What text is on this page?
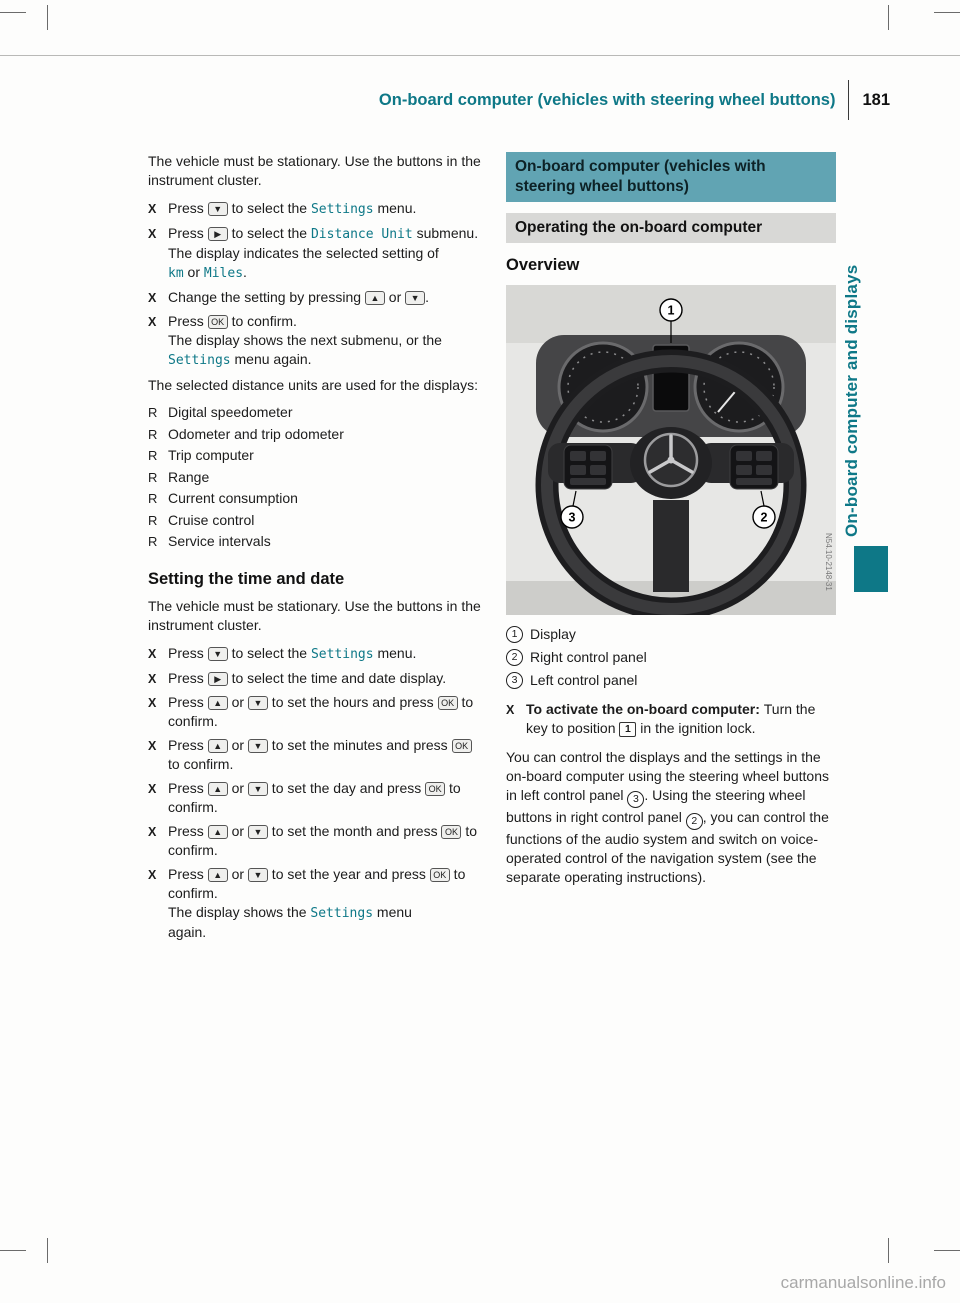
On-board computer (vehicles with steering wheel buttons) 181

The vehicle must be stationary. Use the buttons in the instrument cluster.

X Press ▼ to select the Settings menu.
X Press ▶ to select the Distance Unit submenu.
The display indicates the selected setting of
km or Miles.
X Change the setting by pressing ▲ or ▼ .
X Press OK to confirm.
The display shows the next submenu, or the
Settings menu again.

The selected distance units are used for the displays:

R Digital speedometer
R Odometer and trip odometer
R Trip computer
R Range
R Current consumption
R Cruise control
R Service intervals
Setting the time and date

The vehicle must be stationary. Use the buttons in the instrument cluster.

X Press ▼ to select the Settings menu.
X Press ▶ to select the time and date display.
X Press ▲ or ▼ to set the hours and press OK to confirm.
X Press ▲ or ▼ to set the minutes and press OK to confirm.
X Press ▲ or ▼ to set the day and press OK to confirm.
X Press ▲ or ▼ to set the month and press OK to confirm.
X Press ▲ or ▼ to set the year and press OK to confirm.
The display shows the Settings menu
again.
On-board computer (vehicles with steering wheel buttons)
Operating the on-board computer
Overview
1
2
3
N54.10-2148-31
1 Display
2 Right control panel
3 Left control panel
X To activate the on-board computer: Turn the key to position 1 in the ignition lock.

You can control the displays and the settings in the on-board computer using the steering wheel buttons in left control panel 3 . Using the steering wheel buttons in right control panel 2 , you can control the functions of the audio system and switch on voice-operated control of the navigation system (see the separate operating instructions).

On-board computer and displays
carmanualsonline.info
